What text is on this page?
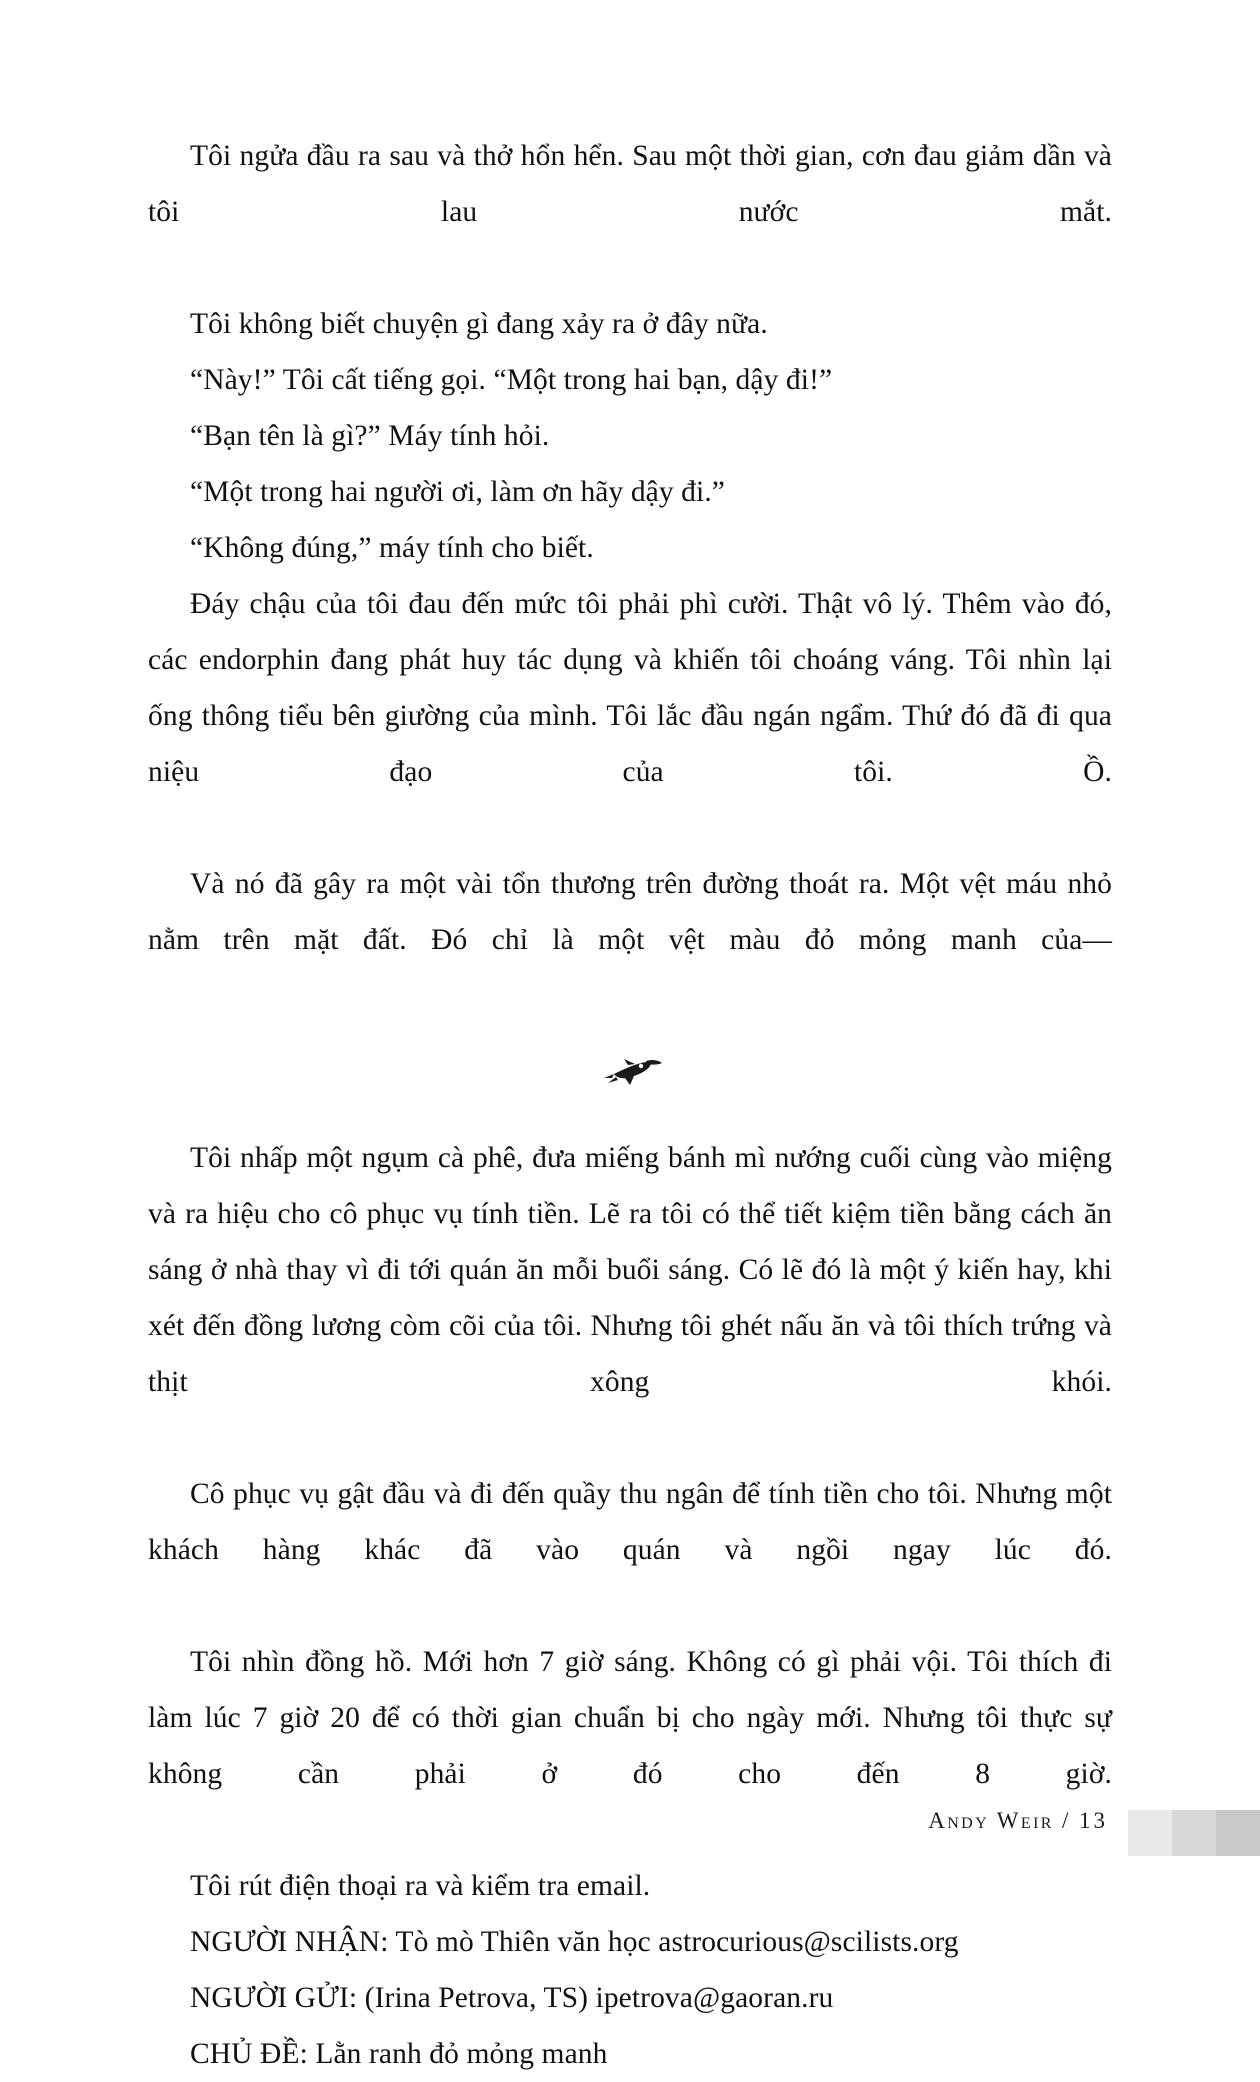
Tôi ngửa đầu ra sau và thở hổn hển. Sau một thời gian, cơn đau giảm dần và tôi lau nước mắt.

Tôi không biết chuyện gì đang xảy ra ở đây nữa.

“Này!” Tôi cất tiếng gọi. “Một trong hai bạn, dậy đi!”

“Bạn tên là gì?” Máy tính hỏi.

“Một trong hai người ơi, làm ơn hãy dậy đi.”

“Không đúng,” máy tính cho biết.

Đáy chậu của tôi đau đến mức tôi phải phì cười. Thật vô lý. Thêm vào đó, các endorphin đang phát huy tác dụng và khiến tôi choáng váng. Tôi nhìn lại ống thông tiểu bên giường của mình. Tôi lắc đầu ngán ngẩm. Thứ đó đã đi qua niệu đạo của tôi. Ồ.

Và nó đã gây ra một vài tổn thương trên đường thoát ra. Một vệt máu nhỏ nằm trên mặt đất. Đó chỉ là một vệt màu đỏ mỏng manh của—

Tôi nhấp một ngụm cà phê, đưa miếng bánh mì nướng cuối cùng vào miệng và ra hiệu cho cô phục vụ tính tiền. Lẽ ra tôi có thể tiết kiệm tiền bằng cách ăn sáng ở nhà thay vì đi tới quán ăn mỗi buổi sáng. Có lẽ đó là một ý kiến hay, khi xét đến đồng lương còm cõi của tôi. Nhưng tôi ghét nấu ăn và tôi thích trứng và thịt xông khói.

Cô phục vụ gật đầu và đi đến quầy thu ngân để tính tiền cho tôi. Nhưng một khách hàng khác đã vào quán và ngồi ngay lúc đó.

Tôi nhìn đồng hồ. Mới hơn 7 giờ sáng. Không có gì phải vội. Tôi thích đi làm lúc 7 giờ 20 để có thời gian chuẩn bị cho ngày mới. Nhưng tôi thực sự không cần phải ở đó cho đến 8 giờ.

Tôi rút điện thoại ra và kiểm tra email.

NGƯỜI NHẬN: Tò mò Thiên văn học astrocurious@scilists.org

NGƯỜI GỬI: (Irina Petrova, TS) ipetrova@gaoran.ru

CHỦ ĐỀ: Lằn ranh đỏ mỏng manh

Andy Weir / 13
